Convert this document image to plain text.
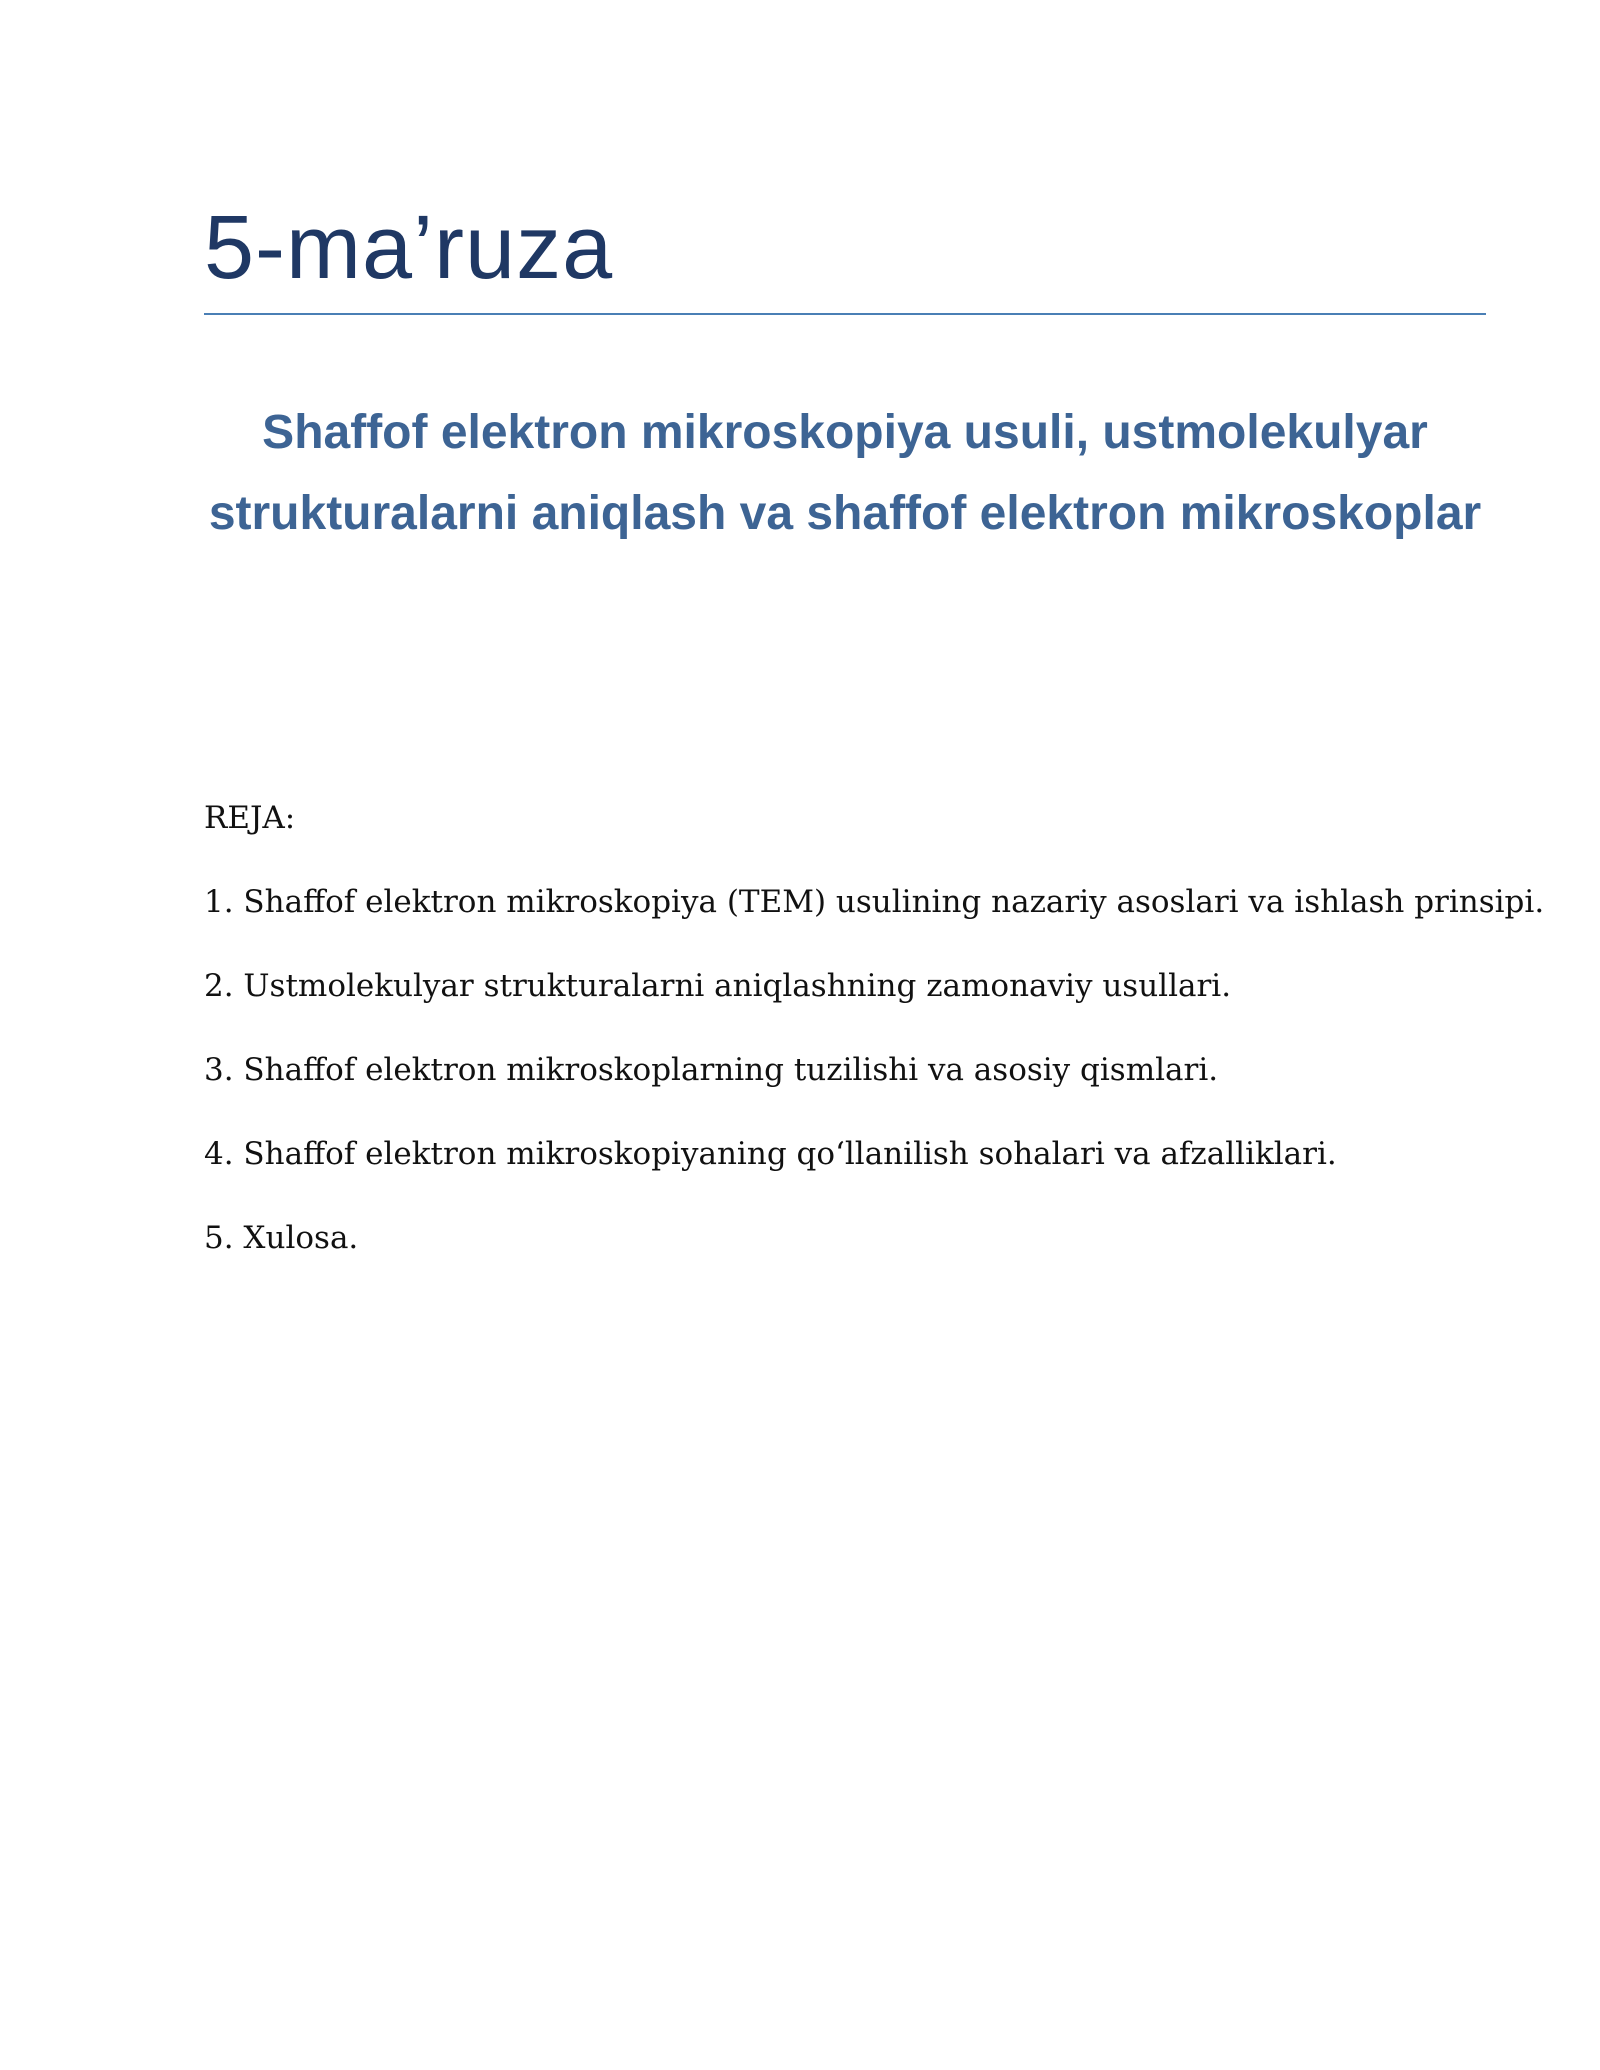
5-ma’ruza
Shaffof elektron mikroskopiya usuli, ustmolekulyar strukturalarni aniqlash va shaffof elektron mikroskoplar

REJA:

1. Shaffof elektron mikroskopiya (TEM) usulining nazariy asoslari va ishlash prinsipi.
2. Ustmolekulyar strukturalarni aniqlashning zamonaviy usullari.
3. Shaffof elektron mikroskoplarning tuzilishi va asosiy qismlari.
4. Shaffof elektron mikroskopiyaning qo‘llanilish sohalari va afzalliklari.
5. Xulosa.
